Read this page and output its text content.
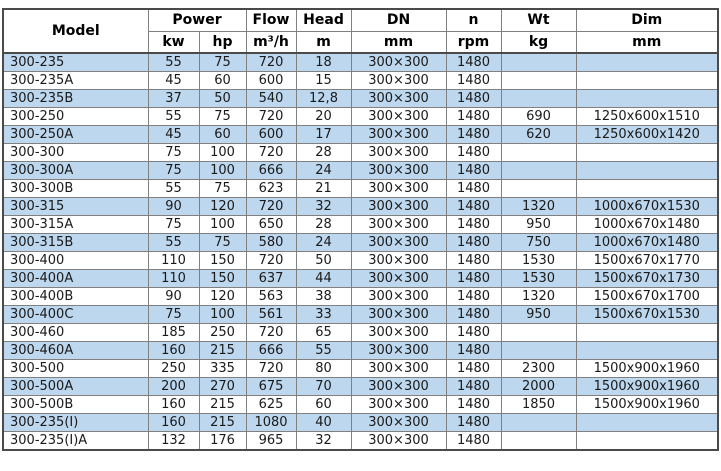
Model	Power		Flow	Head	DN	n	Wt	Dim
	kw	hp	m³/h	m	mm	rpm	kg	mm
300-235	55	75	720	18	300×300	1480		
300-235A	45	60	600	15	300×300	1480		
300-235B	37	50	540	12,8	300×300	1480		
300-250	55	75	720	20	300×300	1480	690	1250x600x1510
300-250A	45	60	600	17	300×300	1480	620	1250x600x1420
300-300	75	100	720	28	300×300	1480		
300-300A	75	100	666	24	300×300	1480		
300-300B	55	75	623	21	300×300	1480		
300-315	90	120	720	32	300×300	1480	1320	1000x670x1530
300-315A	75	100	650	28	300×300	1480	950	1000x670x1480
300-315B	55	75	580	24	300×300	1480	750	1000x670x1480
300-400	110	150	720	50	300×300	1480	1530	1500x670x1770
300-400A	110	150	637	44	300×300	1480	1530	1500x670x1730
300-400B	90	120	563	38	300×300	1480	1320	1500x670x1700
300-400C	75	100	561	33	300×300	1480	950	1500x670x1530
300-460	185	250	720	65	300×300	1480		
300-460A	160	215	666	55	300×300	1480		
300-500	250	335	720	80	300×300	1480	2300	1500x900x1960
300-500A	200	270	675	70	300×300	1480	2000	1500x900x1960
300-500B	160	215	625	60	300×300	1480	1850	1500x900x1960
300-235(I)	160	215	1080	40	300×300	1480		
300-235(I)A	132	176	965	32	300×300	1480		
